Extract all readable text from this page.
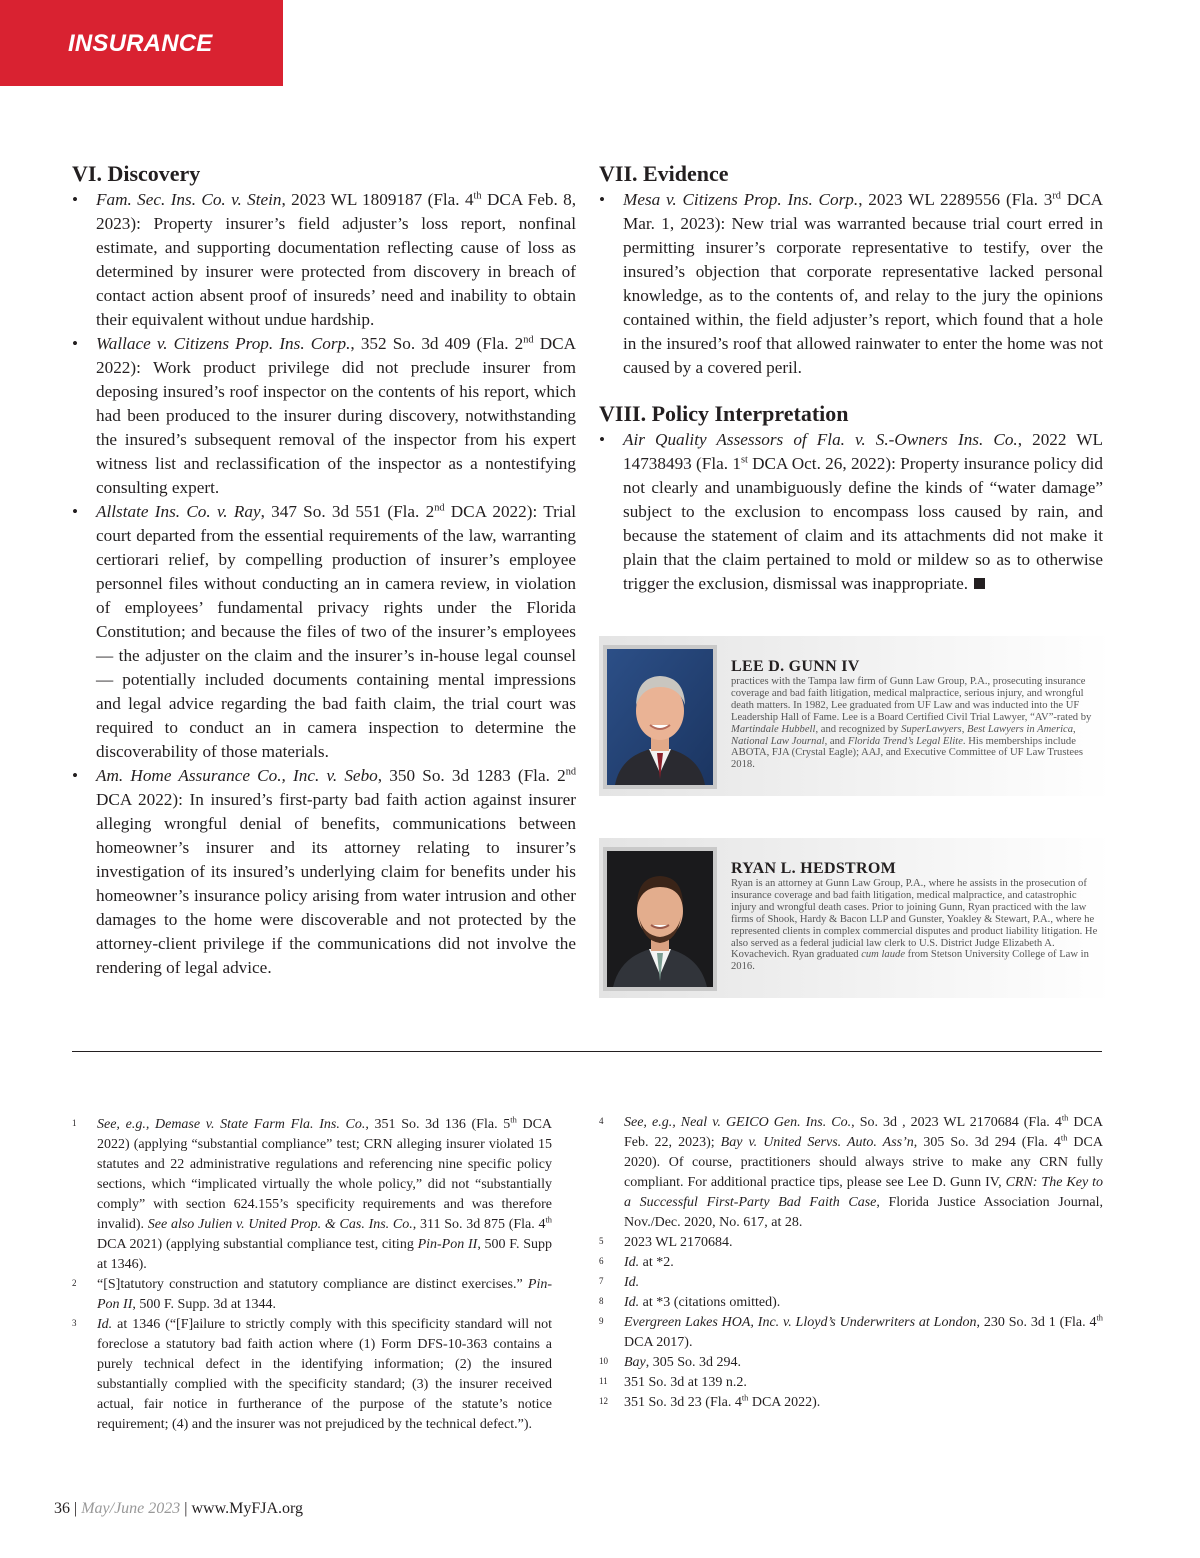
INSURANCE
VI. Discovery
• Fam. Sec. Ins. Co. v. Stein, 2023 WL 1809187 (Fla. 4th DCA Feb. 8, 2023): Property insurer’s field adjuster’s loss report, nonfinal estimate, and supporting documentation reflecting cause of loss as determined by insurer were protected from discovery in breach of contact action absent proof of insureds’ need and inability to obtain their equivalent without undue hardship.
• Wallace v. Citizens Prop. Ins. Corp., 352 So. 3d 409 (Fla. 2nd DCA 2022): Work product privilege did not preclude insurer from deposing insured’s roof inspector on the contents of his report, which had been produced to the insurer during discovery, notwithstanding the insured’s subsequent removal of the inspector from his expert witness list and reclassification of the inspector as a nontestifying consulting expert.
• Allstate Ins. Co. v. Ray, 347 So. 3d 551 (Fla. 2nd DCA 2022): Trial court departed from the essential requirements of the law, warranting certiorari relief, by compelling production of insurer’s employee personnel files without conducting an in camera review, in violation of employees’ fundamental privacy rights under the Florida Constitution; and because the files of two of the insurer’s employees — the adjuster on the claim and the insurer’s in-house legal counsel — potentially included documents containing mental impressions and legal advice regarding the bad faith claim, the trial court was required to conduct an in camera inspection to determine the discoverability of those materials.
• Am. Home Assurance Co., Inc. v. Sebo, 350 So. 3d 1283 (Fla. 2nd DCA 2022): In insured’s first-party bad faith action against insurer alleging wrongful denial of benefits, communications between homeowner’s insurer and its attorney relating to insurer’s investigation of its insured’s underlying claim for benefits under his homeowner’s insurance policy arising from water intrusion and other damages to the home were discoverable and not protected by the attorney-client privilege if the communications did not involve the rendering of legal advice.
VII. Evidence
• Mesa v. Citizens Prop. Ins. Corp., 2023 WL 2289556 (Fla. 3rd DCA Mar. 1, 2023): New trial was warranted because trial court erred in permitting insurer’s corporate representative to testify, over the insured’s objection that corporate representative lacked personal knowledge, as to the contents of, and relay to the jury the opinions contained within, the field adjuster’s report, which found that a hole in the insured’s roof that allowed rainwater to enter the home was not caused by a covered peril.
VIII. Policy Interpretation
• Air Quality Assessors of Fla. v. S.-Owners Ins. Co., 2022 WL 14738493 (Fla. 1st DCA Oct. 26, 2022): Property insurance policy did not clearly and unambiguously define the kinds of “water damage” subject to the exclusion to encompass loss caused by rain, and because the statement of claim and its attachments did not make it plain that the claim pertained to mold or mildew so as to otherwise trigger the exclusion, dismissal was inappropriate.
LEE D. GUNN IV
practices with the Tampa law firm of Gunn Law Group, P.A., prosecuting insurance coverage and bad faith litigation, medical malpractice, serious injury, and wrongful death matters. In 1982, Lee graduated from UF Law and was inducted into the UF Leadership Hall of Fame. Lee is a Board Certified Civil Trial Lawyer, “AV”-rated by Martindale Hubbell, and recognized by SuperLawyers, Best Lawyers in America, National Law Journal, and Florida Trend’s Legal Elite. His memberships include ABOTA, FJA (Crystal Eagle); AAJ, and Executive Committee of UF Law Trustees 2018.
RYAN L. HEDSTROM
Ryan is an attorney at Gunn Law Group, P.A., where he assists in the prosecution of insurance coverage and bad faith litigation, medical malpractice, and catastrophic injury and wrongful death cases. Prior to joining Gunn, Ryan practiced with the law firms of Shook, Hardy & Bacon LLP and Gunster, Yoakley & Stewart, P.A., where he represented clients in complex commercial disputes and product liability litigation. He also served as a federal judicial law clerk to U.S. District Judge Elizabeth A. Kovachevich. Ryan graduated cum laude from Stetson University College of Law in 2016.
1 See, e.g., Demase v. State Farm Fla. Ins. Co., 351 So. 3d 136 (Fla. 5th DCA 2022) (applying “substantial compliance” test; CRN alleging insurer violated 15 statutes and 22 administrative regulations and referencing nine specific policy sections, which “implicated virtually the whole policy,” did not “substantially comply” with section 624.155’s specificity requirements and was therefore invalid). See also Julien v. United Prop. & Cas. Ins. Co., 311 So. 3d 875 (Fla. 4th DCA 2021) (applying substantial compliance test, citing Pin-Pon II, 500 F. Supp at 1346).
2 “[S]tatutory construction and statutory compliance are distinct exercises.” Pin-Pon II, 500 F. Supp. 3d at 1344.
3 Id. at 1346 (“[F]ailure to strictly comply with this specificity standard will not foreclose a statutory bad faith action where (1) Form DFS-10-363 contains a purely technical defect in the identifying information; (2) the insured substantially complied with the specificity standard; (3) the insurer received actual, fair notice in furtherance of the purpose of the statute’s notice requirement; (4) and the insurer was not prejudiced by the technical defect.”).
4 See, e.g., Neal v. GEICO Gen. Ins. Co., So. 3d , 2023 WL 2170684 (Fla. 4th DCA Feb. 22, 2023); Bay v. United Servs. Auto. Ass’n, 305 So. 3d 294 (Fla. 4th DCA 2020). Of course, practitioners should always strive to make any CRN fully compliant. For additional practice tips, please see Lee D. Gunn IV, CRN: The Key to a Successful First-Party Bad Faith Case, Florida Justice Association Journal, Nov./Dec. 2020, No. 617, at 28.
5 2023 WL 2170684.
6 Id. at *2.
7 Id.
8 Id. at *3 (citations omitted).
9 Evergreen Lakes HOA, Inc. v. Lloyd’s Underwriters at London, 230 So. 3d 1 (Fla. 4th DCA 2017).
10 Bay, 305 So. 3d 294.
11 351 So. 3d at 139 n.2.
12 351 So. 3d 23 (Fla. 4th DCA 2022).
36 | May/June 2023 | www.MyFJA.org
